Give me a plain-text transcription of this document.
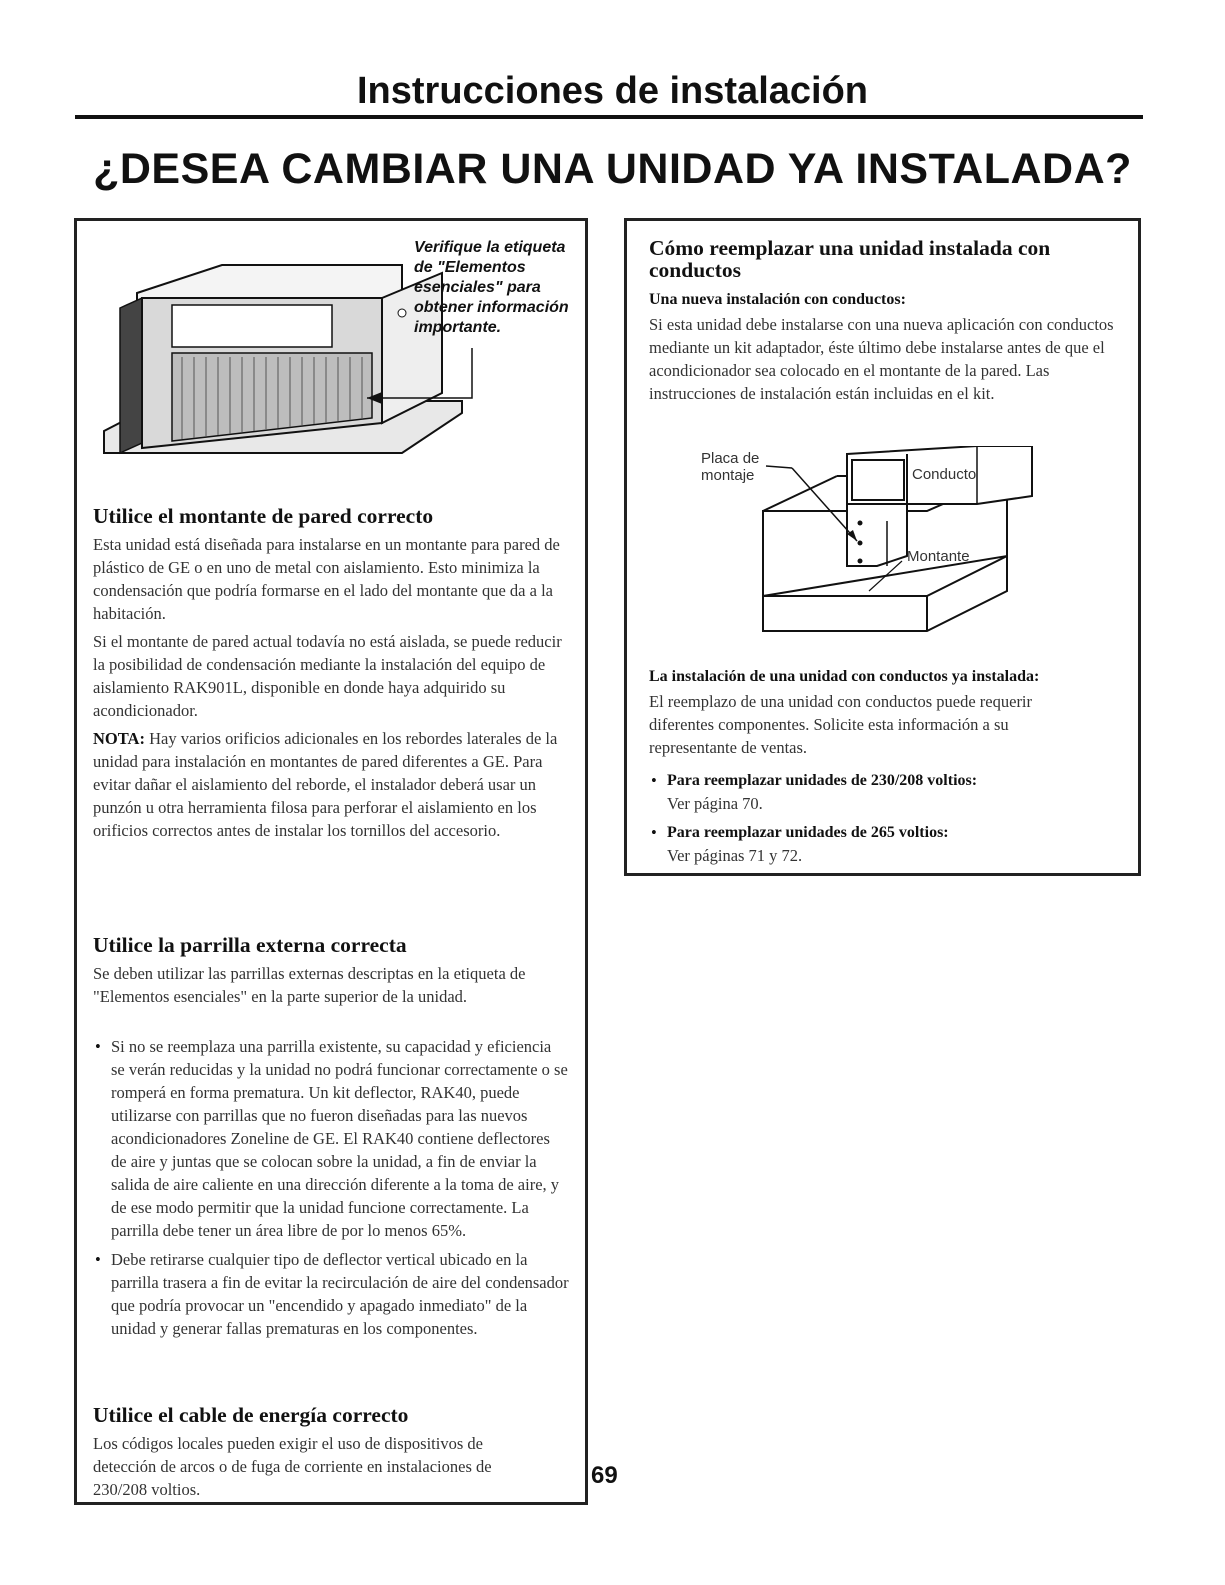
Instrucciones de instalación
¿DESEA CAMBIAR UNA UNIDAD YA INSTALADA?
Verifique la etiqueta de "Elementos esenciales" para obtener información importante.
Utilice el montante de pared correcto

Esta unidad está diseñada para instalarse en un montante para pared de plástico de GE o en uno de metal con aislamiento. Esto minimiza la condensación que podría formarse en el lado del montante que da a la habitación.

Si el montante de pared actual todavía no está aislada, se puede reducir la posibilidad de condensación mediante la instalación del equipo de aislamiento RAK901L, disponible en donde haya adquirido su acondicionador.

NOTA: Hay varios orificios adicionales en los rebordes laterales de la unidad para instalación en montantes de pared diferentes a GE. Para evitar dañar el aislamiento del reborde, el instalador deberá usar un punzón u otra herramienta filosa para perforar el aislamiento en los orificios correctos antes de instalar los tornillos del accesorio.

Utilice la parrilla externa correcta

Se deben utilizar las parrillas externas descriptas en la etiqueta de "Elementos esenciales" en la parte superior de la unidad.

• Si no se reemplaza una parrilla existente, su capacidad y eficiencia se verán reducidas y la unidad no podrá funcionar correctamente o se romperá en forma prematura. Un kit deflector, RAK40, puede utilizarse con parrillas que no fueron diseñadas para las nuevos acondicionadores Zoneline de GE. El RAK40 contiene deflectores de aire y juntas que se colocan sobre la unidad, a fin de enviar la salida de aire caliente en una dirección diferente a la toma de aire, y de ese modo permitir que la unidad funcione correctamente. La parrilla debe tener un área libre de por lo menos 65%.
• Debe retirarse cualquier tipo de deflector vertical ubicado en la parrilla trasera a fin de evitar la recirculación de aire del condensador que podría provocar un "encendido y apagado inmediato" de la unidad y generar fallas prematuras en los componentes.
Utilice el cable de energía correcto

Los códigos locales pueden exigir el uso de dispositivos de detección de arcos o de fuga de corriente en instalaciones de 230/208 voltios.

69
Cómo reemplazar una unidad instalada con conductos
Una nueva instalación con conductos:

Si esta unidad debe instalarse con una nueva aplicación con conductos mediante un kit adaptador, éste último debe instalarse antes de que el acondicionador sea colocado en el montante de la pared. Las instrucciones de instalación están incluidas en el kit.

Placa de
montaje	Conducto
Montante
La instalación de una unidad con conductos ya instalada:

El reemplazo de una unidad con conductos puede requerir diferentes componentes. Solicite esta información a su representante de ventas.

• Para reemplazar unidades de 230/208 voltios:
Ver página 70.
• Para reemplazar unidades de 265 voltios:
Ver páginas 71 y 72.
